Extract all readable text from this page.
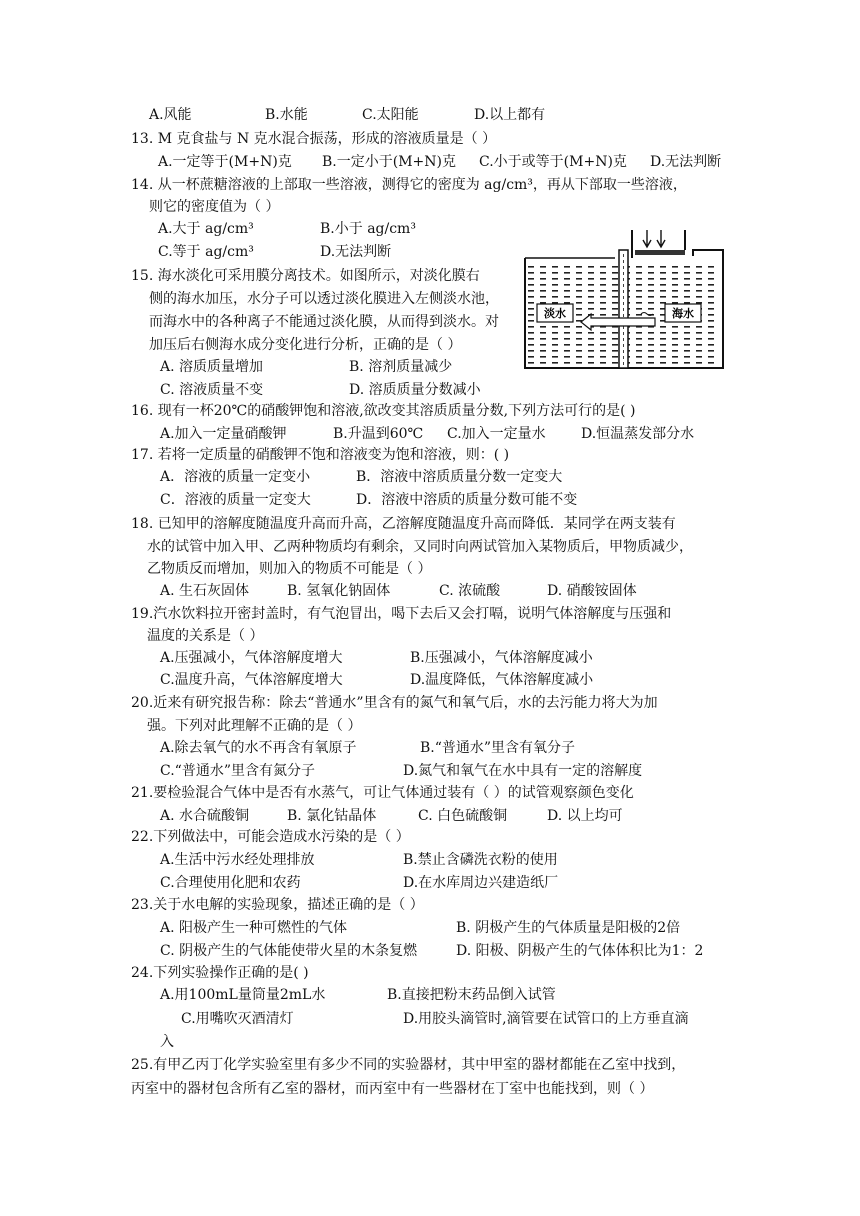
A.风能	B.水能	C.太阳能	D.以上都有
13. M 克食盐与 N 克水混合振荡，形成的溶液质量是（ ）
A.一定等于(M+N)克 B.一定小于(M+N)克 C.小于或等于(M+N)克 D.无法判断
14. 从一杯蔗糖溶液的上部取一些溶液，测得它的密度为 ag/cm³，再从下部取一些溶液，
则它的密度值为（ ）
A.大于 ag/cm³	B.小于 ag/cm³
C.等于 ag/cm³	D.无法判断
15. 海水淡化可采用膜分离技术。如图所示，对淡化膜右
侧的海水加压，水分子可以透过淡化膜进入左侧淡水池，
而海水中的各种离子不能通过淡化膜，从而得到淡水。对
加压后右侧海水成分变化进行分析，正确的是（ ）
A. 溶质质量增加	B. 溶剂质量减少
C. 溶液质量不变	D. 溶质质量分数减小
淡水	海水
16. 现有一杯20℃的硝酸钾饱和溶液,欲改变其溶质质量分数,下列方法可行的是( )
A.加入一定量硝酸钾	B.升温到60℃ C.加入一定量水	D.恒温蒸发部分水
17. 若将一定质量的硝酸钾不饱和溶液变为饱和溶液，则：( )
A．溶液的质量一定变小	B．溶液中溶质质量分数一定变大
C．溶液的质量一定变大	D．溶液中溶质的质量分数可能不变
18. 已知甲的溶解度随温度升高而升高，乙溶解度随温度升高而降低．某同学在两支装有
水的试管中加入甲、乙两种物质均有剩余，又同时向两试管加入某物质后，甲物质减少，
乙物质反而增加，则加入的物质不可能是（ ）
A. 生石灰固体	B. 氢氧化钠固体	C. 浓硫酸	D. 硝酸铵固体
19.汽水饮料拉开密封盖时，有气泡冒出，喝下去后又会打嗝，说明气体溶解度与压强和
温度的关系是（ ）
A.压强减小，气体溶解度增大	B.压强减小，气体溶解度减小
C.温度升高，气体溶解度增大	D.温度降低，气体溶解度减小
20.近来有研究报告称：除去“普通水”里含有的氮气和氧气后，水的去污能力将大为加
强。下列对此理解不正确的是（ ）
A.除去氧气的水不再含有氧原子	B.“普通水”里含有氧分子
C.“普通水”里含有氮分子	D.氮气和氧气在水中具有一定的溶解度
21.要检验混合气体中是否有水蒸气，可让气体通过装有（ ）的试管观察颜色变化
A. 水合硫酸铜	B. 氯化钴晶体	C. 白色硫酸铜	D. 以上均可
22.下列做法中，可能会造成水污染的是（ ）
A.生活中污水经处理排放	B.禁止含磷洗衣粉的使用
C.合理使用化肥和农药	D.在水库周边兴建造纸厂
23.关于水电解的实验现象，描述正确的是（ ）
A. 阳极产生一种可燃性的气体	B. 阴极产生的气体质量是阳极的2倍
C. 阴极产生的气体能使带火星的木条复燃	D. 阳极、阴极产生的气体体积比为1：2
24.下列实验操作正确的是( )
A.用100mL量筒量2mL水	B.直接把粉末药品倒入试管
C.用嘴吹灭酒清灯	D.用胶头滴管时,滴管要在试管口的上方垂直滴
入
25.有甲乙丙丁化学实验室里有多少不同的实验器材，其中甲室的器材都能在乙室中找到，
丙室中的器材包含所有乙室的器材，而丙室中有一些器材在丁室中也能找到，则（ ）
